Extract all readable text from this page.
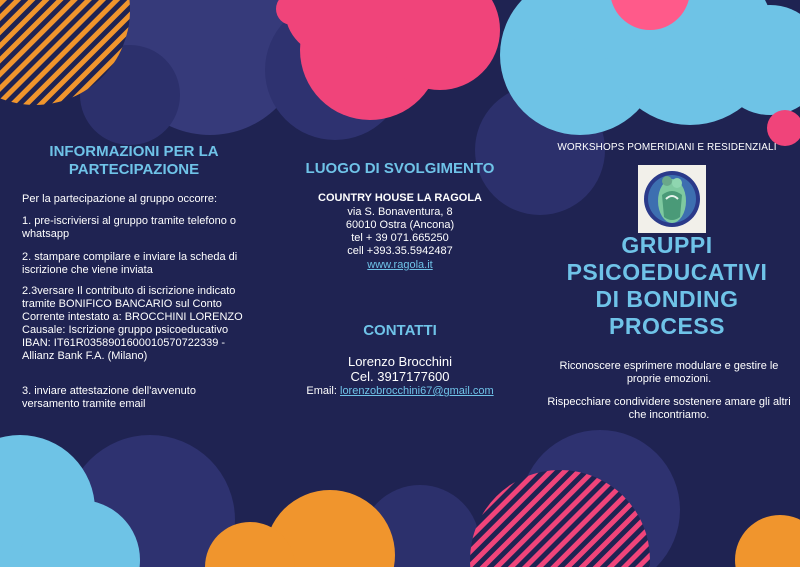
INFORMAZIONI PER LA PARTECIPAZIONE

Per la partecipazione al gruppo occorre:

1. pre-iscriviersi al gruppo tramite telefono o whatsapp

2. stampare compilare e inviare la scheda di iscrizione che viene inviata

2.3versare Il contributo di iscrizione indicato tramite BONIFICO BANCARIO sul Conto Corrente intestato a: BROCCHINI LORENZO Causale: Iscrizione gruppo psicoeducativo IBAN: IT61R0358901600010570722339 - Allianz Bank F.A. (Milano)

3. inviare attestazione dell'avvenuto versamento tramite email

LUOGO DI SVOLGIMENTO

COUNTRY HOUSE LA RAGOLA

via S. Bonaventura, 8

60010 Ostra (Ancona)

tel + 39 071.665250

cell +393.35.5942487

www.ragola.it

CONTATTI

Lorenzo Brocchini

Cel. 3917177600

Email: lorenzobrocchini67@gmail.com

WORKSHOPS POMERIDIANI E RESIDENZIALI
GRUPPI
PSICOEDUCATIVI
DI BONDING
PROCESS

Riconoscere esprimere modulare e gestire le proprie emozioni.

Rispecchiare condividere sostenere amare gli altri che incontriamo.
